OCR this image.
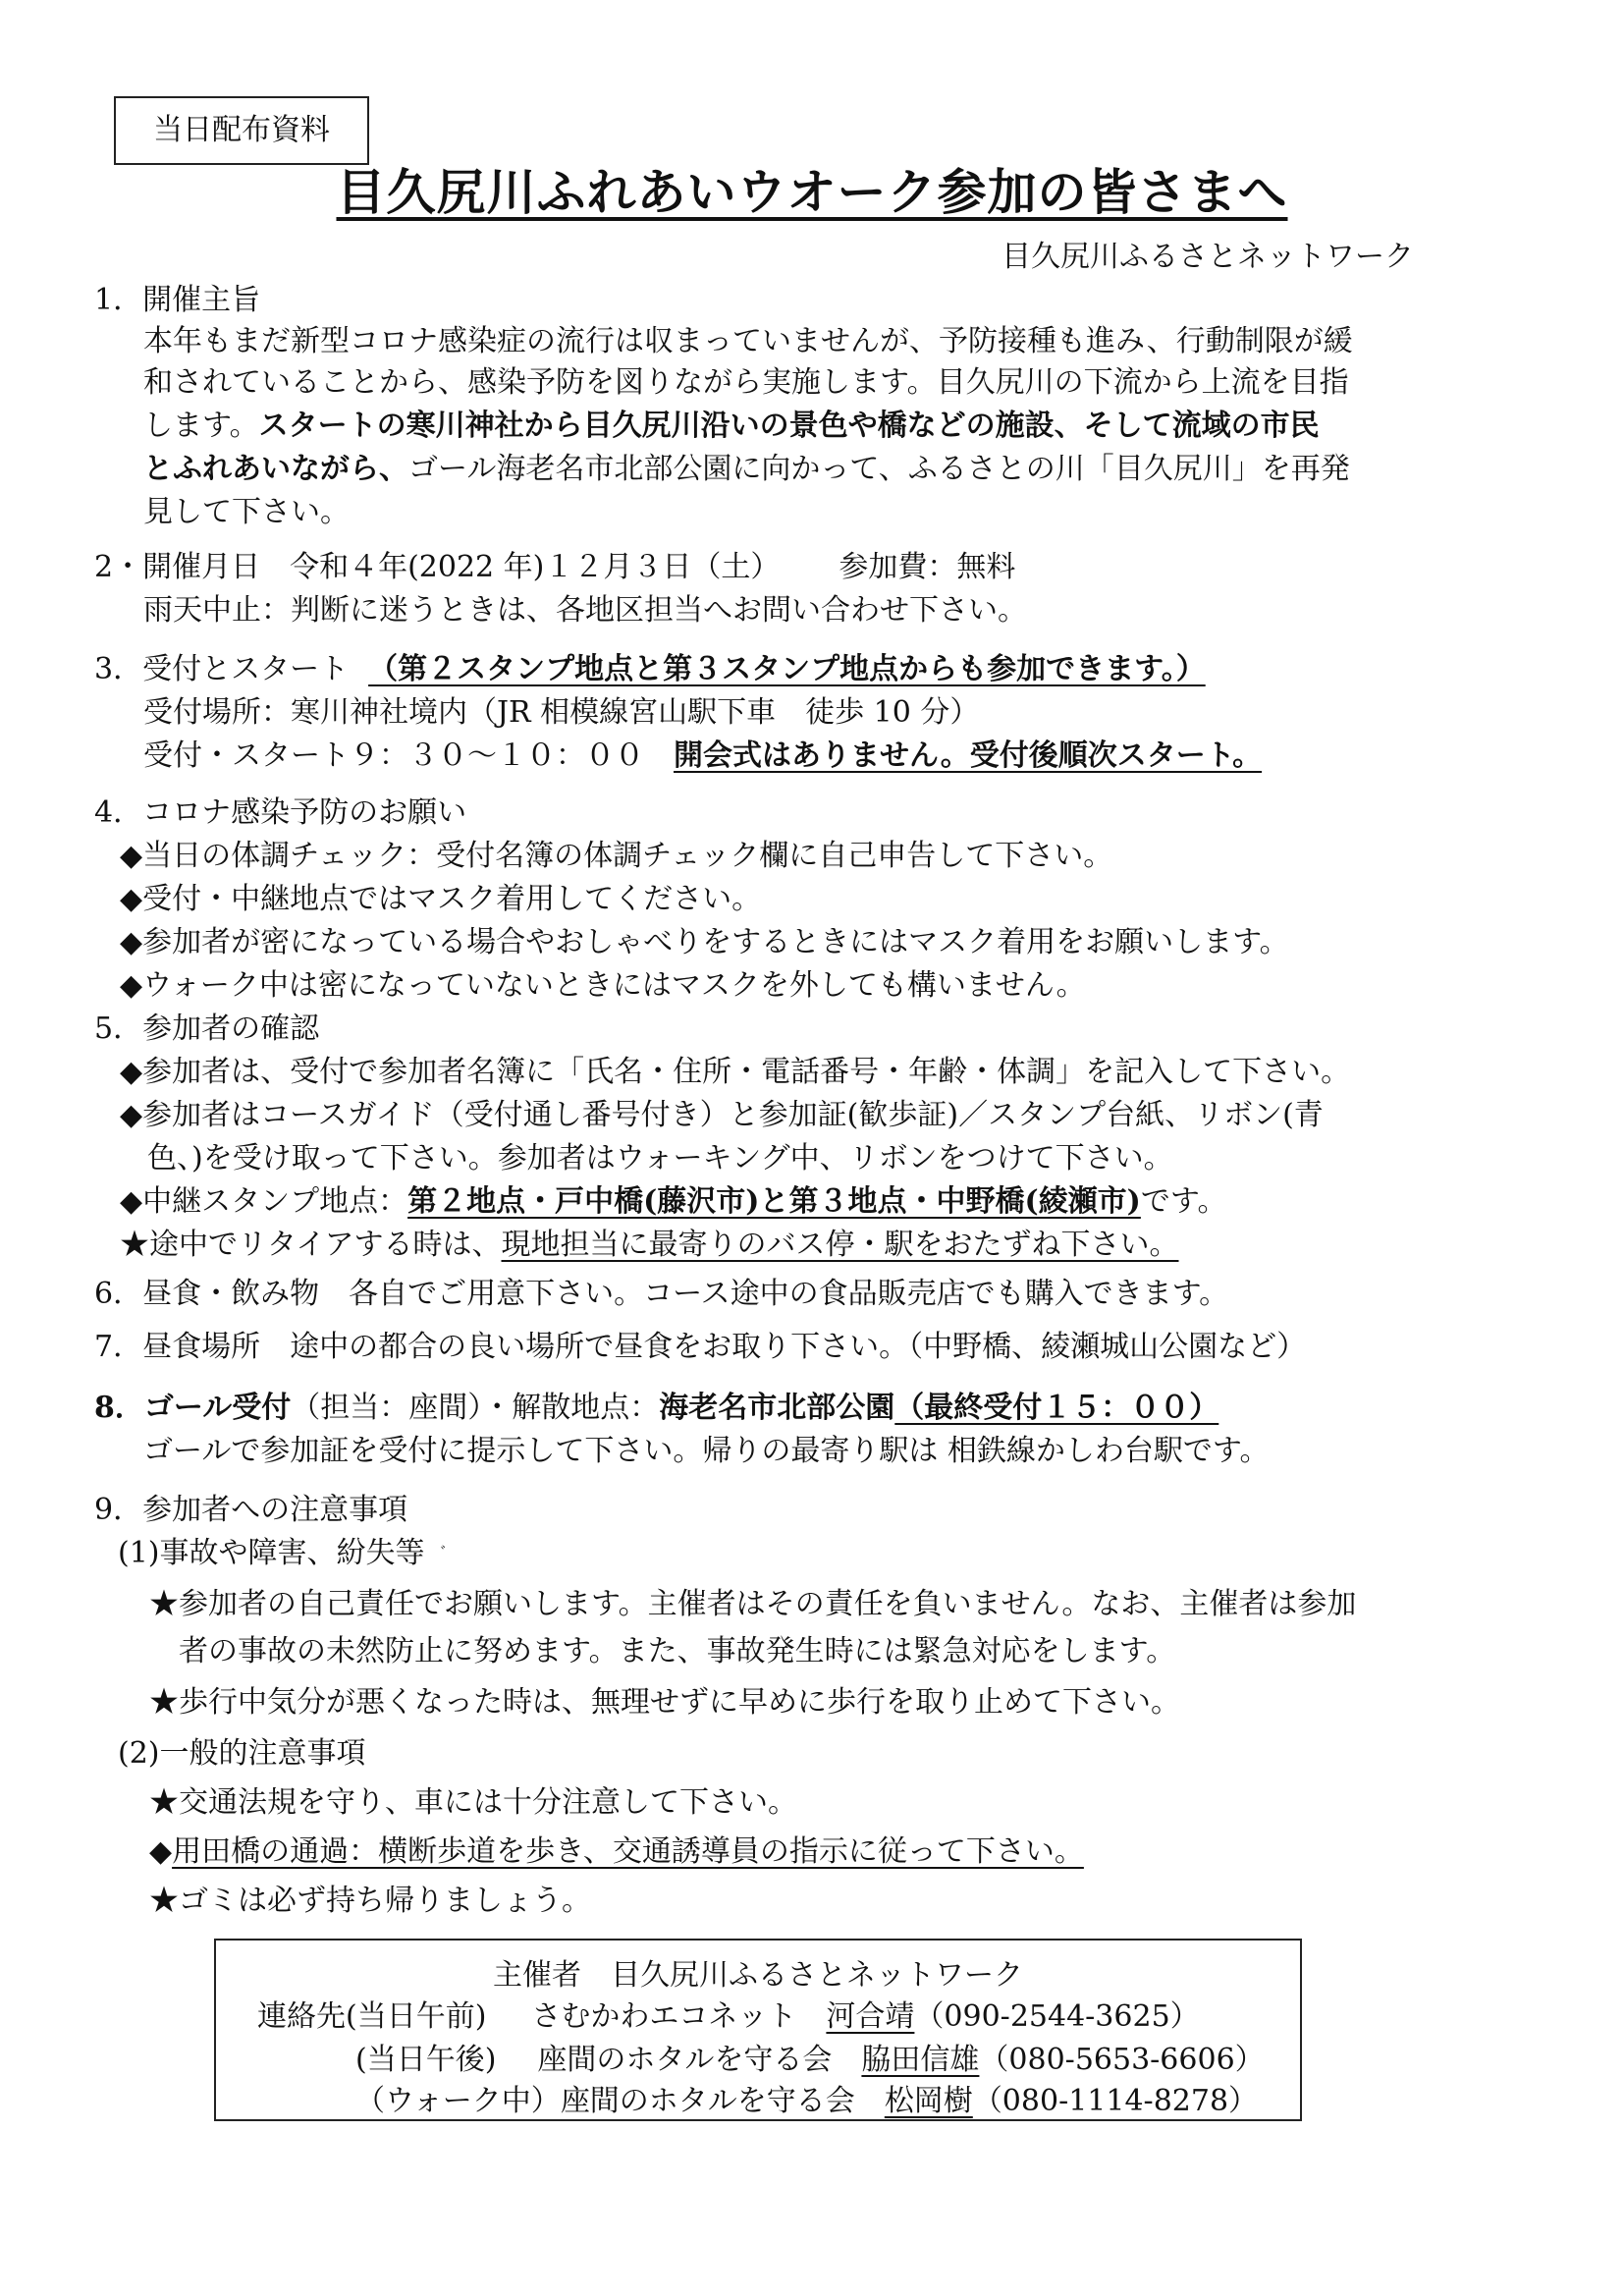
当日配布資料
目久尻川ふれあいウオーク参加の皆さまへ
目久尻川ふるさとネットワーク
1．開催主旨
本年もまだ新型コロナ感染症の流行は収まっていませんが、予防接種も進み、行動制限が緩
和されていることから、感染予防を図りながら実施します。目久尻川の下流から上流を目指
します。スタートの寒川神社から目久尻川沿いの景色や橋などの施設、そして流域の市民
とふれあいながら、ゴール海老名市北部公園に向かって、ふるさとの川「目久尻川」を再発
見して下さい。
2・開催月日　令和４年(2022 年)１２月３日（土） 参加費：無料
雨天中止：判断に迷うときは、各地区担当へお問い合わせ下さい。
3．受付とスタート （第２スタンプ地点と第３スタンプ地点からも参加できます。）
受付場所：寒川神社境内（JR 相模線宮山駅下車　徒歩 10 分）
受付・スタート９：３０～１０：００ 開会式はありません。受付後順次スタート。
4．コロナ感染予防のお願い
◆当日の体調チェック：受付名簿の体調チェック欄に自己申告して下さい。
◆受付・中継地点ではマスク着用してください。
◆参加者が密になっている場合やおしゃべりをするときにはマスク着用をお願いします。
◆ウォーク中は密になっていないときにはマスクを外しても構いません。
5．参加者の確認
◆参加者は、受付で参加者名簿に「氏名・住所・電話番号・年齢・体調」を記入して下さい。
◆参加者はコースガイド（受付通し番号付き）と参加証(歓歩証)／スタンプ台紙、リボン(青
色、)を受け取って下さい。参加者はウォーキング中、リボンをつけて下さい。
◆中継スタンプ地点：第２地点・戸中橋(藤沢市)と第３地点・中野橋(綾瀬市)です。
★途中でリタイアする時は、現地担当に最寄りのバス停・駅をおたずね下さい。
6．昼食・飲み物　各自でご用意下さい。コース途中の食品販売店でも購入できます。
7．昼食場所　途中の都合の良い場所で昼食をお取り下さい。（中野橋、綾瀬城山公園など）
8．ゴール受付（担当：座間）・解散地点：海老名市北部公園（最終受付１５：００）
ゴールで参加証を受付に提示して下さい。帰りの最寄り駅は 相鉄線かしわ台駅です。
9．参加者への注意事項
(1)事故や障害、紛失等 $^ﾞ$
★参加者の自己責任でお願いします。主催者はその責任を負いません。なお、主催者は参加
者の事故の未然防止に努めます。また、事故発生時には緊急対応をします。
★歩行中気分が悪くなった時は、無理せずに早めに歩行を取り止めて下さい。
(2)一般的注意事項
★交通法規を守り、車には十分注意して下さい。
◆用田橋の通過：横断歩道を歩き、交通誘導員の指示に従って下さい。
★ゴミは必ず持ち帰りましょう。
主催者　目久尻川ふるさとネットワーク
連絡先(当日午前) さむかわエコネット 河合靖（090-2544-3625）
(当日午後) 座間のホタルを守る会 脇田信雄（080-5653-6606）
（ウォーク中）座間のホタルを守る会 松岡樹（080-1114-8278）
